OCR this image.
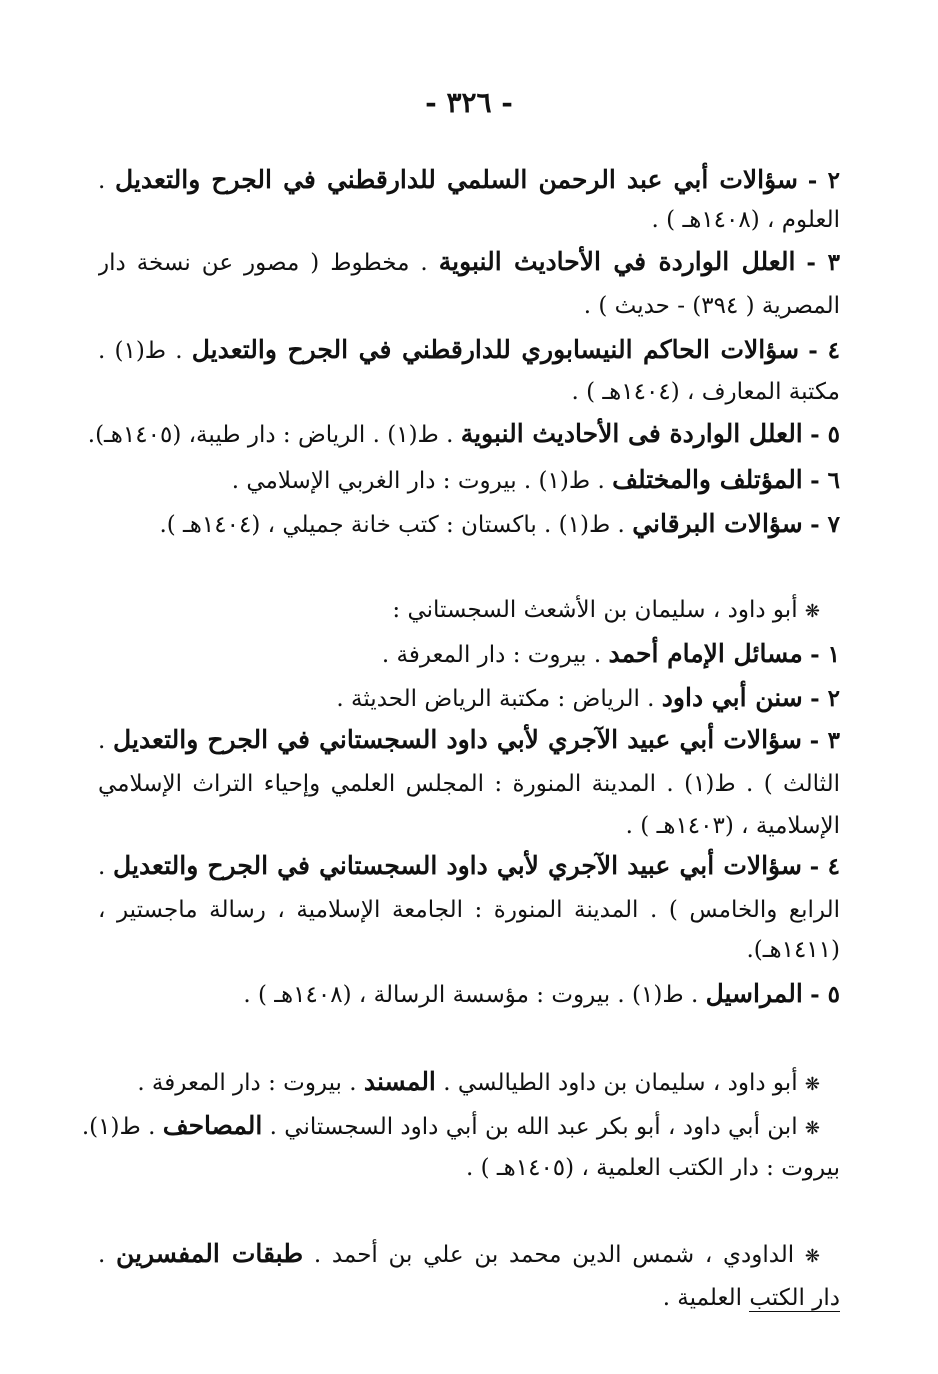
- ٣٢٦ -
٢ - سؤالات أبي عبد الرحمن السلمي للدارقطني في الجرح والتعديل .
العلوم ، (١٤٠٨هـ ) .
٣ - العلل الواردة في الأحاديث النبوية . مخطوط ( مصور عن نسخة دار
المصرية ( ٣٩٤) - حديث ) .
٤ - سؤالات الحاكم النيسابوري للدارقطني في الجرح والتعديل . ط(١) .
مكتبة المعارف ، (١٤٠٤هـ ) .
٥ - العلل الواردة فى الأحاديث النبوية . ط(١) . الرياض : دار طيبة، (١٤٠٥هـ).
٦ - المؤتلف والمختلف . ط(١) . بيروت : دار الغربي الإسلامي .
٧ - سؤالات البرقاني . ط(١) . باكستان : كتب خانة جميلي ، (١٤٠٤هـ ).
❋ أبو داود ، سليمان بن الأشعث السجستاني :
١ - مسائل الإمام أحمد . بيروت : دار المعرفة .
٢ - سنن أبي داود . الرياض : مكتبة الرياض الحديثة .
٣ - سؤالات أبي عبيد الآجري لأبي داود السجستاني في الجرح والتعديل .
الثالث ) . ط(١) . المدينة المنورة : المجلس العلمي وإحياء التراث الإسلامي
الإسلامية ، (١٤٠٣هـ ) .
٤ - سؤالات أبي عبيد الآجري لأبي داود السجستاني في الجرح والتعديل .
الرابع والخامس ) . المدينة المنورة : الجامعة الإسلامية ، رسالة ماجستير ،
(١٤١١هـ).
٥ - المراسيل . ط(١) . بيروت : مؤسسة الرسالة ، (١٤٠٨هـ ) .
❋ أبو داود ، سليمان بن داود الطيالسي . المسند . بيروت : دار المعرفة .
❋ ابن أبي داود ، أبو بكر عبد الله بن أبي داود السجستاني . المصاحف . ط(١).
بيروت : دار الكتب العلمية ، (١٤٠٥هـ ) .
❋ الداودي ، شمس الدين محمد بن علي بن أحمد . طبقات المفسرين .
دار الكتب العلمية .
